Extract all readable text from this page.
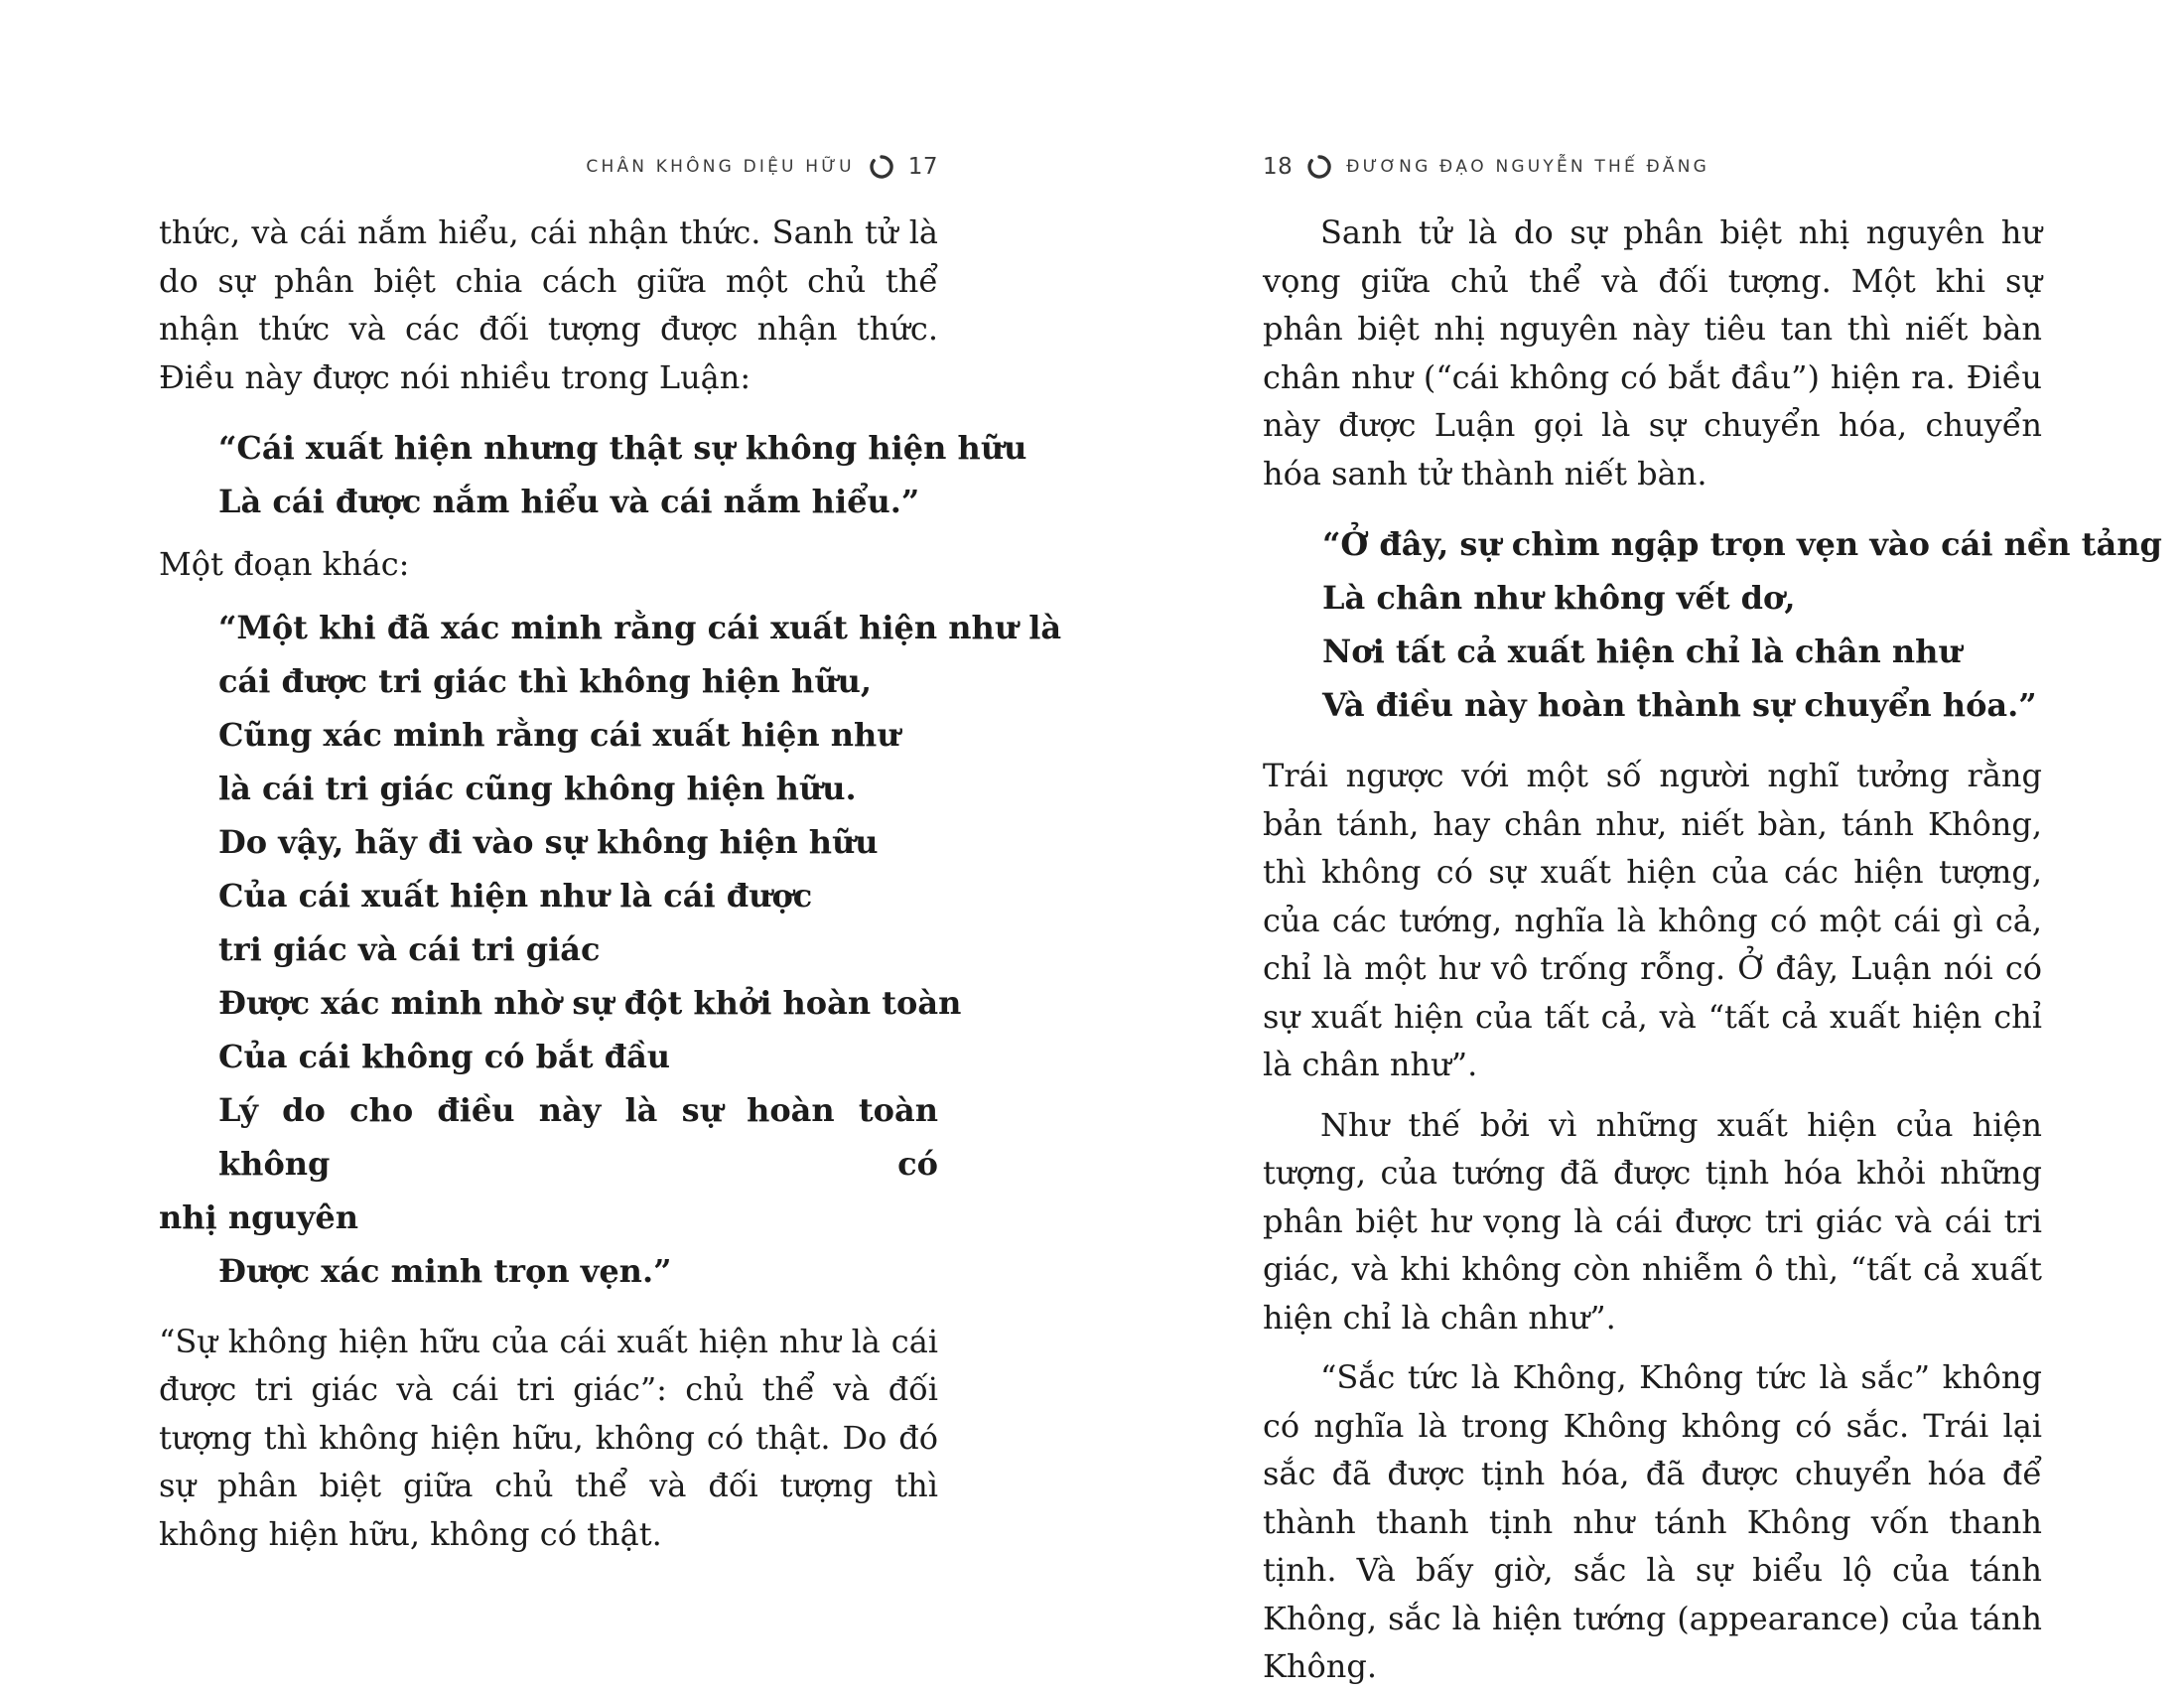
CHÂN KHÔNG DIỆU HỮU 17

thức, và cái nắm hiểu, cái nhận thức. Sanh tử là do sự phân biệt chia cách giữa một chủ thể nhận thức và các đối tượng được nhận thức. Điều này được nói nhiều trong Luận:

“Cái xuất hiện nhưng thật sự không hiện hữu
Là cái được nắm hiểu và cái nắm hiểu.”

Một đoạn khác:

“Một khi đã xác minh rằng cái xuất hiện như là
cái được tri giác thì không hiện hữu,
Cũng xác minh rằng cái xuất hiện như
là cái tri giác cũng không hiện hữu.
Do vậy, hãy đi vào sự không hiện hữu
Của cái xuất hiện như là cái được
tri giác và cái tri giác
Được xác minh nhờ sự đột khởi hoàn toàn
Của cái không có bắt đầu
Lý do cho điều này là sự hoàn toàn không có
nhị nguyên
Được xác minh trọn vẹn.”

“Sự không hiện hữu của cái xuất hiện như là cái được tri giác và cái tri giác”: chủ thể và đối tượng thì không hiện hữu, không có thật. Do đó sự phân biệt giữa chủ thể và đối tượng thì không hiện hữu, không có thật.

18	ĐƯƠNG ĐẠO NGUYỄN THẾ ĐĂNG

Sanh tử là do sự phân biệt nhị nguyên hư vọng giữa chủ thể và đối tượng. Một khi sự phân biệt nhị nguyên này tiêu tan thì niết bàn chân như (“cái không có bắt đầu”) hiện ra. Điều này được Luận gọi là sự chuyển hóa, chuyển hóa sanh tử thành niết bàn.

“Ở đây, sự chìm ngập trọn vẹn vào cái nền tảng
Là chân như không vết dơ,
Nơi tất cả xuất hiện chỉ là chân như
Và điều này hoàn thành sự chuyển hóa.”

Trái ngược với một số người nghĩ tưởng rằng bản tánh, hay chân như, niết bàn, tánh Không, thì không có sự xuất hiện của các hiện tượng, của các tướng, nghĩa là không có một cái gì cả, chỉ là một hư vô trống rỗng. Ở đây, Luận nói có sự xuất hiện của tất cả, và “tất cả xuất hiện chỉ là chân như”.

Như thế bởi vì những xuất hiện của hiện tượng, của tướng đã được tịnh hóa khỏi những phân biệt hư vọng là cái được tri giác và cái tri giác, và khi không còn nhiễm ô thì, “tất cả xuất hiện chỉ là chân như”.

“Sắc tức là Không, Không tức là sắc” không có nghĩa là trong Không không có sắc. Trái lại sắc đã được tịnh hóa, đã được chuyển hóa để thành thanh tịnh như tánh Không vốn thanh tịnh. Và bấy giờ, sắc là sự biểu lộ của tánh Không, sắc là hiện tướng (appearance) của tánh Không.
